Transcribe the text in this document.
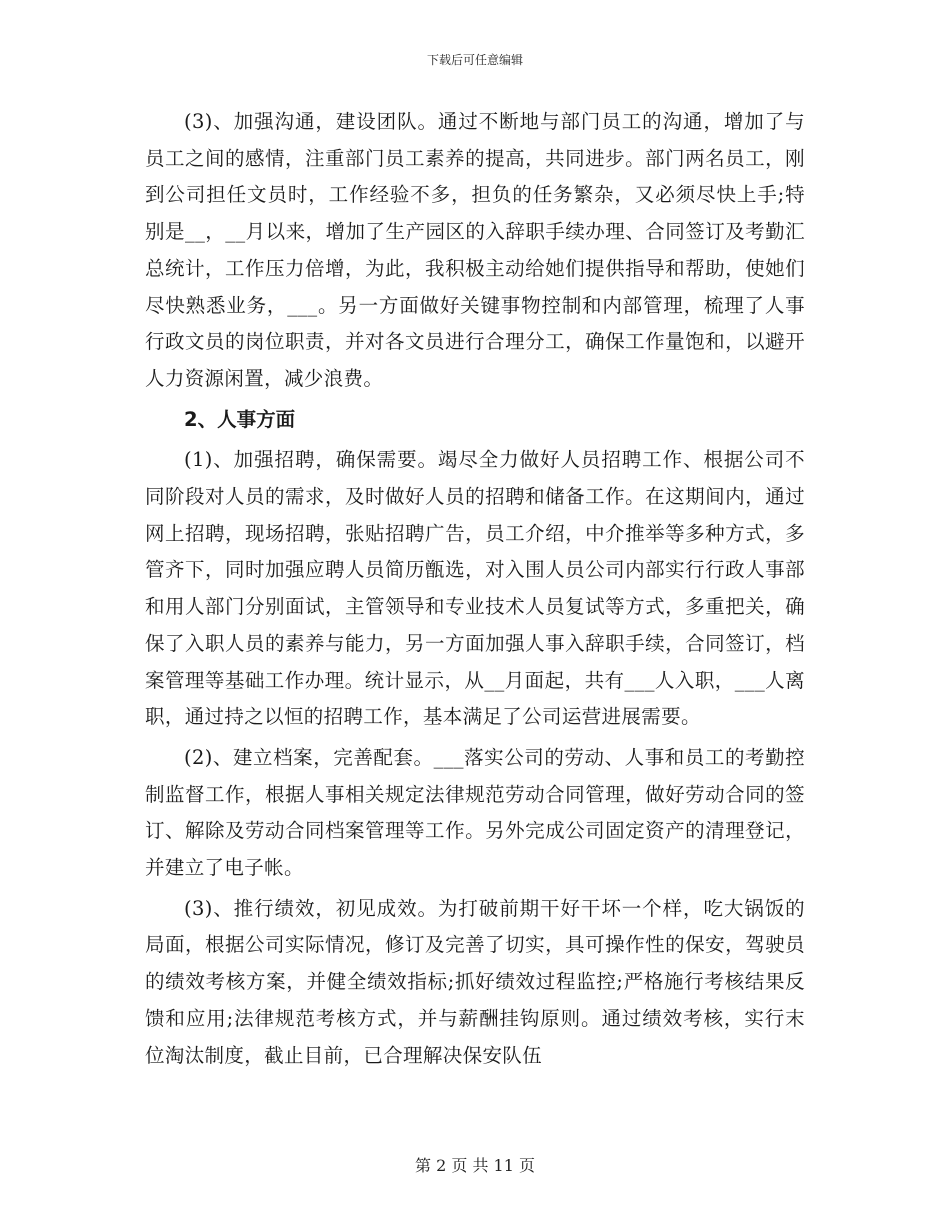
下载后可任意编辑

(3)、加强沟通，建设团队。通过不断地与部门员工的沟通，增加了与员工之间的感情，注重部门员工素养的提高，共同进步。部门两名员工，刚到公司担任文员时，工作经验不多，担负的任务繁杂，又必须尽快上手;特别是__，__月以来，增加了生产园区的入辞职手续办理、合同签订及考勤汇总统计，工作压力倍增，为此，我积极主动给她们提供指导和帮助，使她们尽快熟悉业务，___。另一方面做好关键事物控制和内部管理，梳理了人事行政文员的岗位职责，并对各文员进行合理分工，确保工作量饱和，以避开人力资源闲置，减少浪费。

2、人事方面

(1)、加强招聘，确保需要。竭尽全力做好人员招聘工作、根据公司不同阶段对人员的需求，及时做好人员的招聘和储备工作。在这期间内，通过网上招聘，现场招聘，张贴招聘广告，员工介绍，中介推举等多种方式，多管齐下，同时加强应聘人员简历甑选，对入围人员公司内部实行行政人事部和用人部门分别面试，主管领导和专业技术人员复试等方式，多重把关，确保了入职人员的素养与能力，另一方面加强人事入辞职手续，合同签订，档案管理等基础工作办理。统计显示，从__月面起，共有___人入职，___人离职，通过持之以恒的招聘工作，基本满足了公司运营进展需要。

(2)、建立档案，完善配套。___落实公司的劳动、人事和员工的考勤控制监督工作，根据人事相关规定法律规范劳动合同管理，做好劳动合同的签订、解除及劳动合同档案管理等工作。另外完成公司固定资产的清理登记，并建立了电子帐。

(3)、推行绩效，初见成效。为打破前期干好干坏一个样，吃大锅饭的局面，根据公司实际情况，修订及完善了切实，具可操作性的保安，驾驶员的绩效考核方案，并健全绩效指标;抓好绩效过程监控;严格施行考核结果反馈和应用;法律规范考核方式，并与薪酬挂钩原则。通过绩效考核，实行末位淘汰制度，截止目前，已合理解决保安队伍

第 2 页 共 11 页
